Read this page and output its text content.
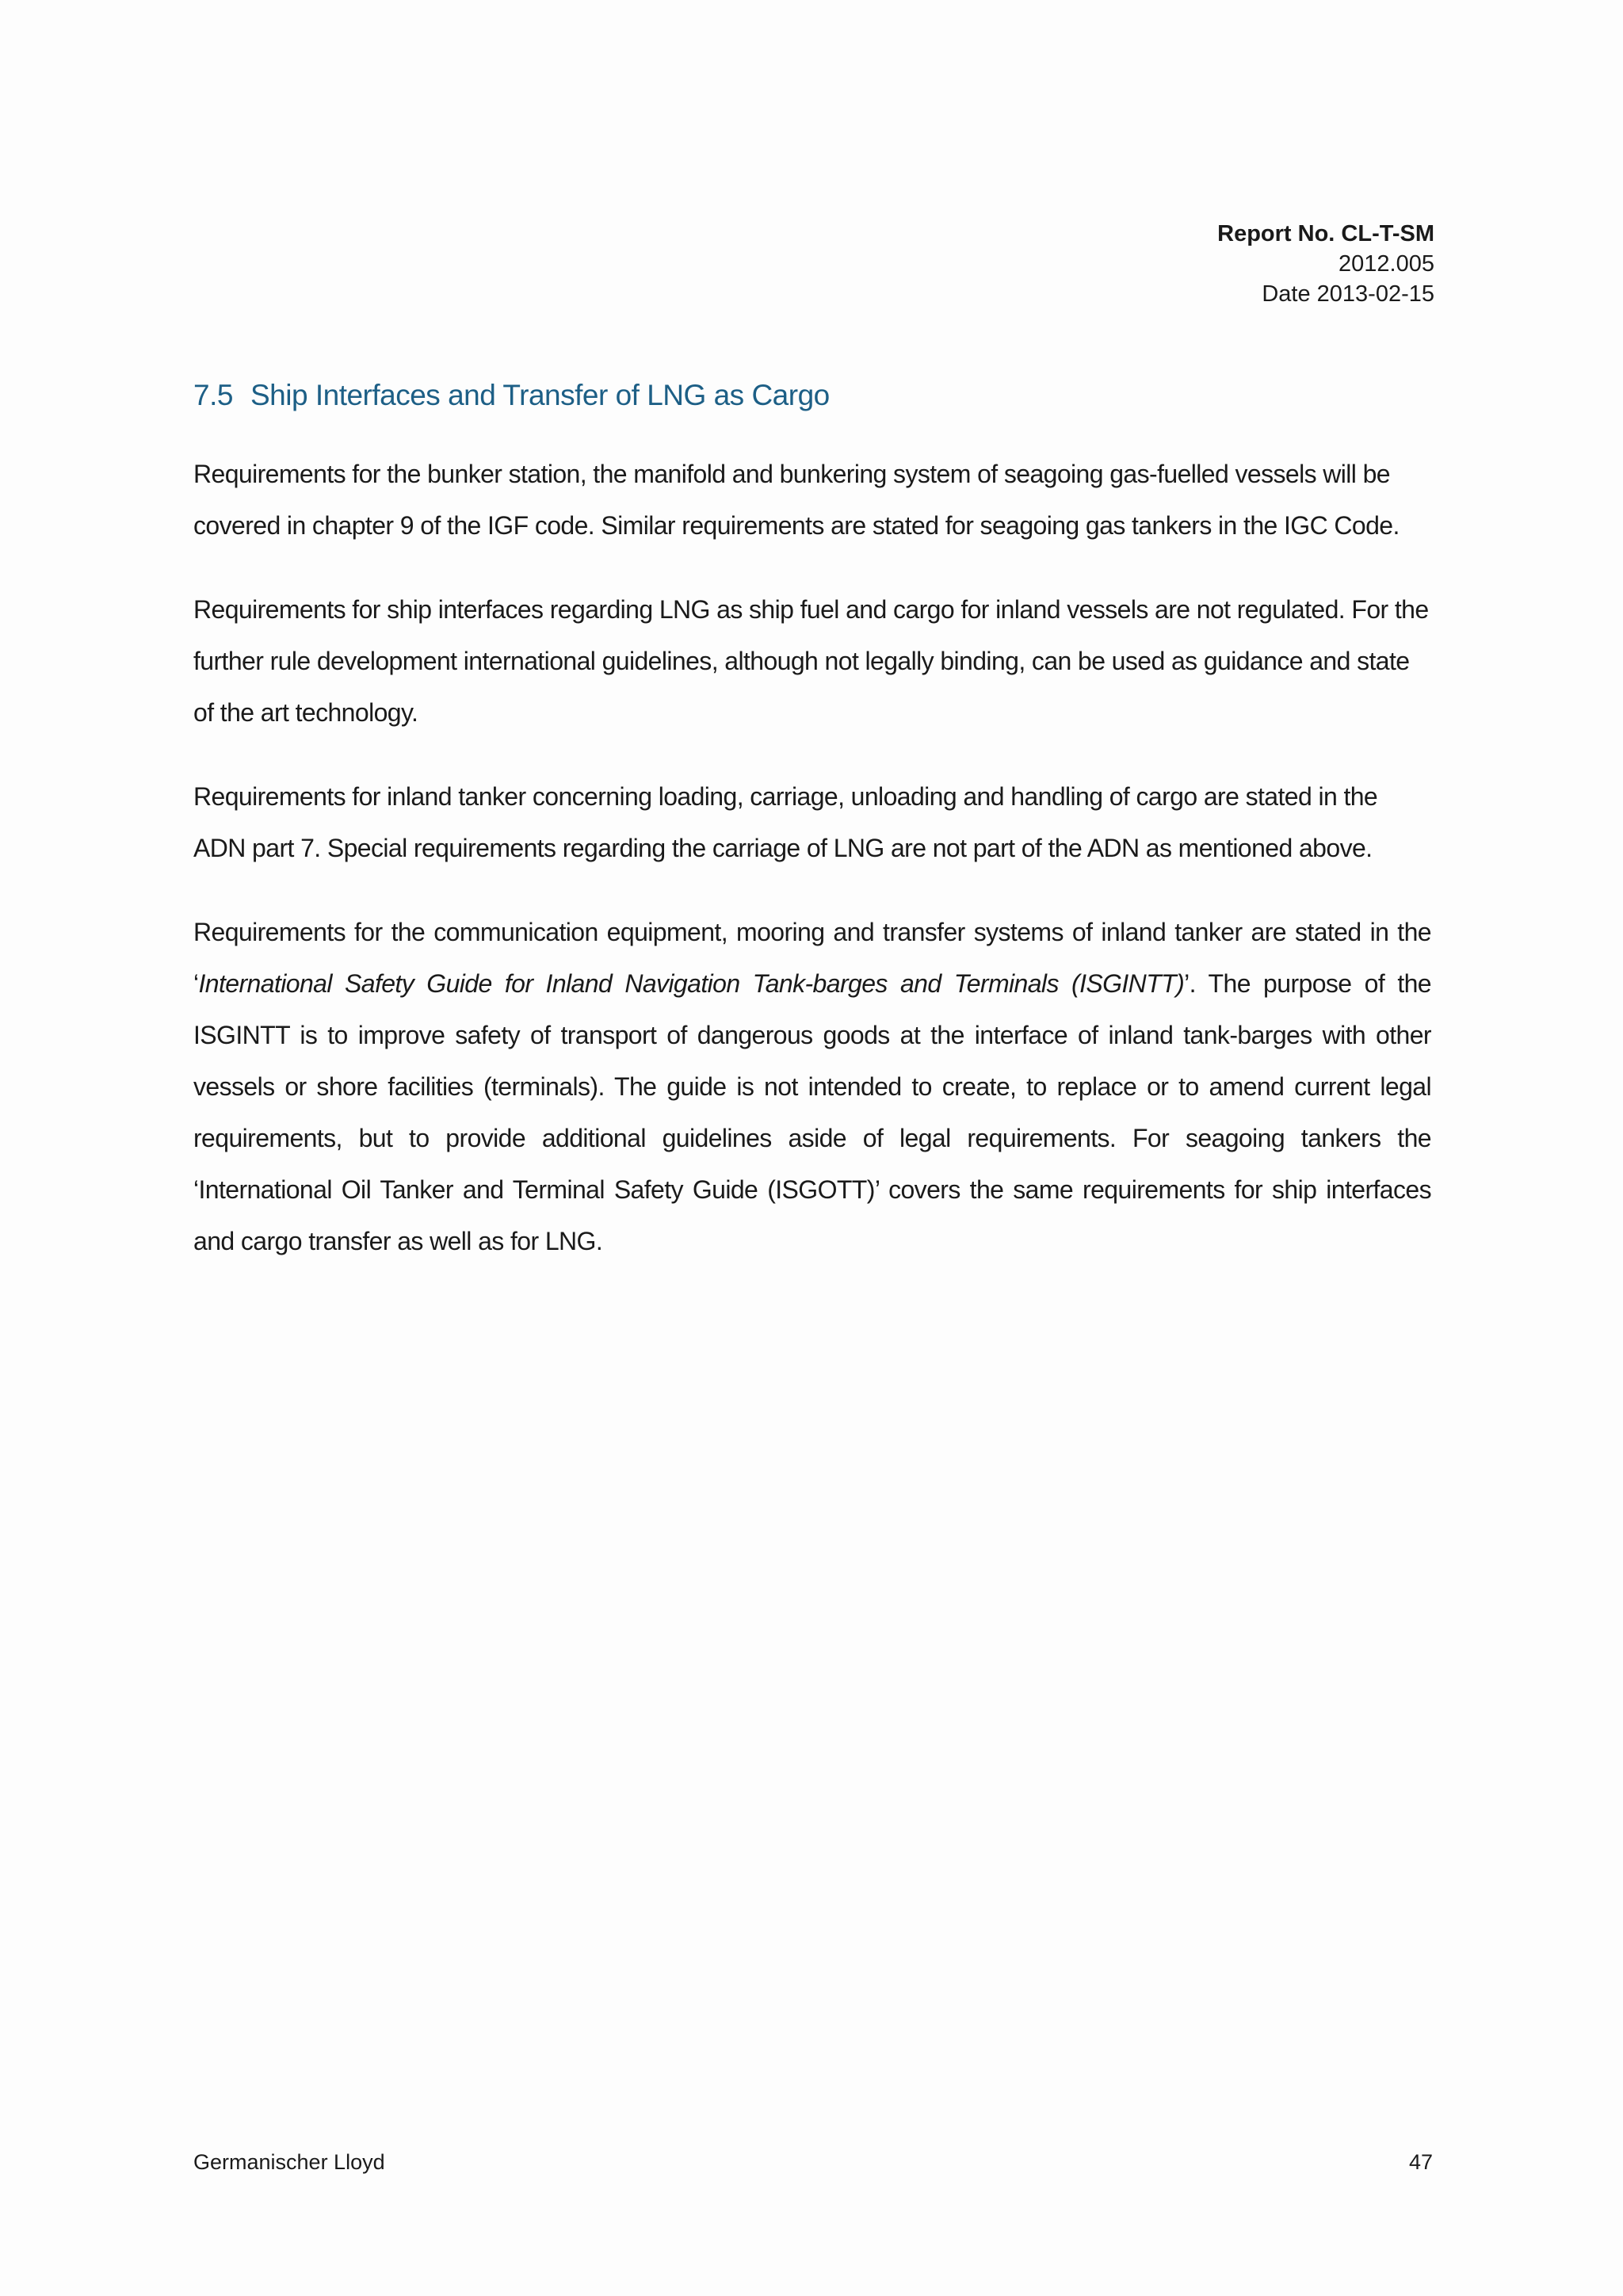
Report No. CL-T-SM
2012.005
Date 2013-02-15
7.5 Ship Interfaces and Transfer of LNG as Cargo

Requirements for the bunker station, the manifold and bunkering system of seagoing gas-fuelled vessels will be covered in chapter 9 of the IGF code. Similar requirements are stated for seagoing gas tankers in the IGC Code.

Requirements for ship interfaces regarding LNG as ship fuel and cargo for inland vessels are not regulated. For the further rule development international guidelines, although not legally binding, can be used as guidance and state of the art technology.

Requirements for inland tanker concerning loading, carriage, unloading and handling of cargo are stated in the ADN part 7. Special requirements regarding the carriage of LNG are not part of the ADN as mentioned above.

Requirements for the communication equipment, mooring and transfer systems of inland tanker are stated in the ‘International Safety Guide for Inland Navigation Tank-barges and Terminals (ISGINTT)’. The purpose of the ISGINTT is to improve safety of transport of dangerous goods at the interface of inland tank-barges with other vessels or shore facilities (terminals). The guide is not intended to create, to replace or to amend current legal requirements, but to provide additional guidelines aside of legal requirements. For seagoing tankers the ‘International Oil Tanker and Terminal Safety Guide (ISGOTT)’ covers the same requirements for ship interfaces and cargo transfer as well as for LNG.

Germanischer Lloyd	47
